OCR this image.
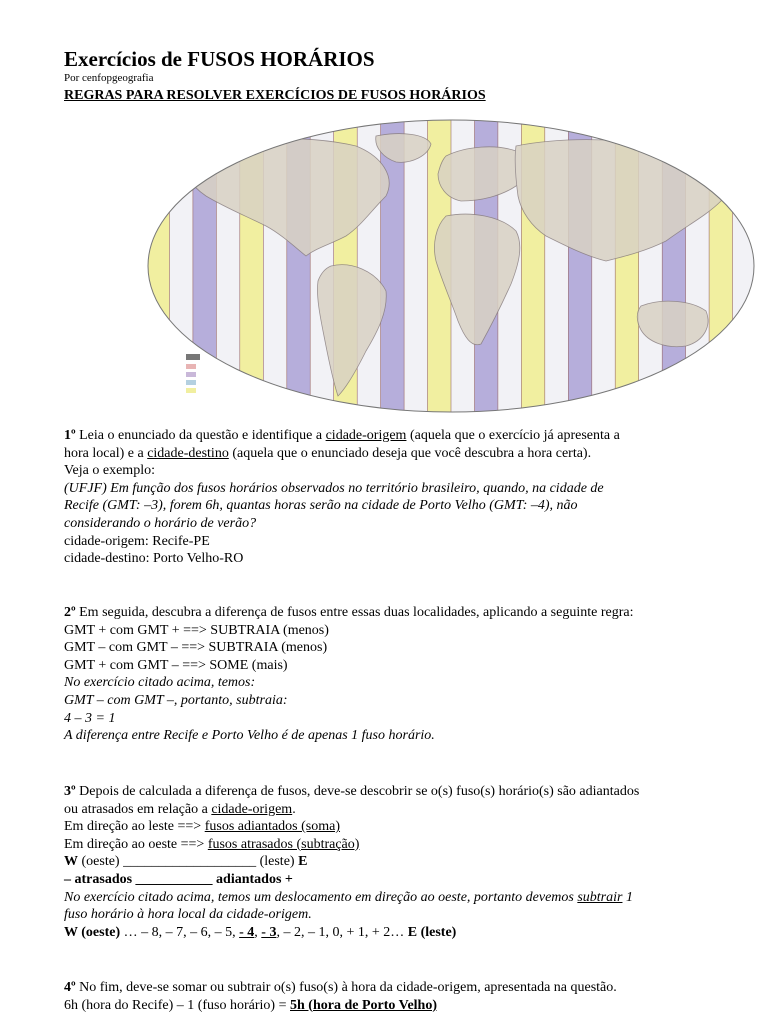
Exercícios de FUSOS HORÁRIOS
Por cenfopgeografia
REGRAS PARA RESOLVER EXERCÍCIOS DE FUSOS HORÁRIOS
1º Leia o enunciado da questão e identifique a cidade-origem (aquela que o exercício já apresenta a
hora local) e a cidade-destino (aquela que o enunciado deseja que você descubra a hora certa).
Veja o exemplo:
(UFJF) Em função dos fusos horários observados no território brasileiro, quando, na cidade de
Recife (GMT: –3), forem 6h, quantas horas serão na cidade de Porto Velho (GMT: –4), não
considerando o horário de verão?
cidade-origem: Recife-PE
cidade-destino: Porto Velho-RO
2º Em seguida, descubra a diferença de fusos entre essas duas localidades, aplicando a seguinte regra:
GMT + com GMT + ==> SUBTRAIA (menos)
GMT – com GMT – ==> SUBTRAIA (menos)
GMT + com GMT – ==> SOME (mais)
No exercício citado acima, temos:
GMT – com GMT –, portanto, subtraia:
4 – 3 = 1
A diferença entre Recife e Porto Velho é de apenas 1 fuso horário.
3º Depois de calculada a diferença de fusos, deve-se descobrir se o(s) fuso(s) horário(s) são adiantados
ou atrasados em relação a cidade-origem.
Em direção ao leste ==> fusos adiantados (soma)
Em direção ao oeste ==> fusos atrasados (subtração)
W (oeste) ___________________ (leste) E
– atrasados ___________ adiantados +
No exercício citado acima, temos um deslocamento em direção ao oeste, portanto devemos subtrair 1
fuso horário à hora local da cidade-origem.
W (oeste) … – 8, – 7, – 6, – 5, - 4, - 3, – 2, – 1, 0, + 1, + 2… E (leste)
4º No fim, deve-se somar ou subtrair o(s) fuso(s) à hora da cidade-origem, apresentada na questão.
6h (hora do Recife) – 1 (fuso horário) = 5h (hora de Porto Velho)
